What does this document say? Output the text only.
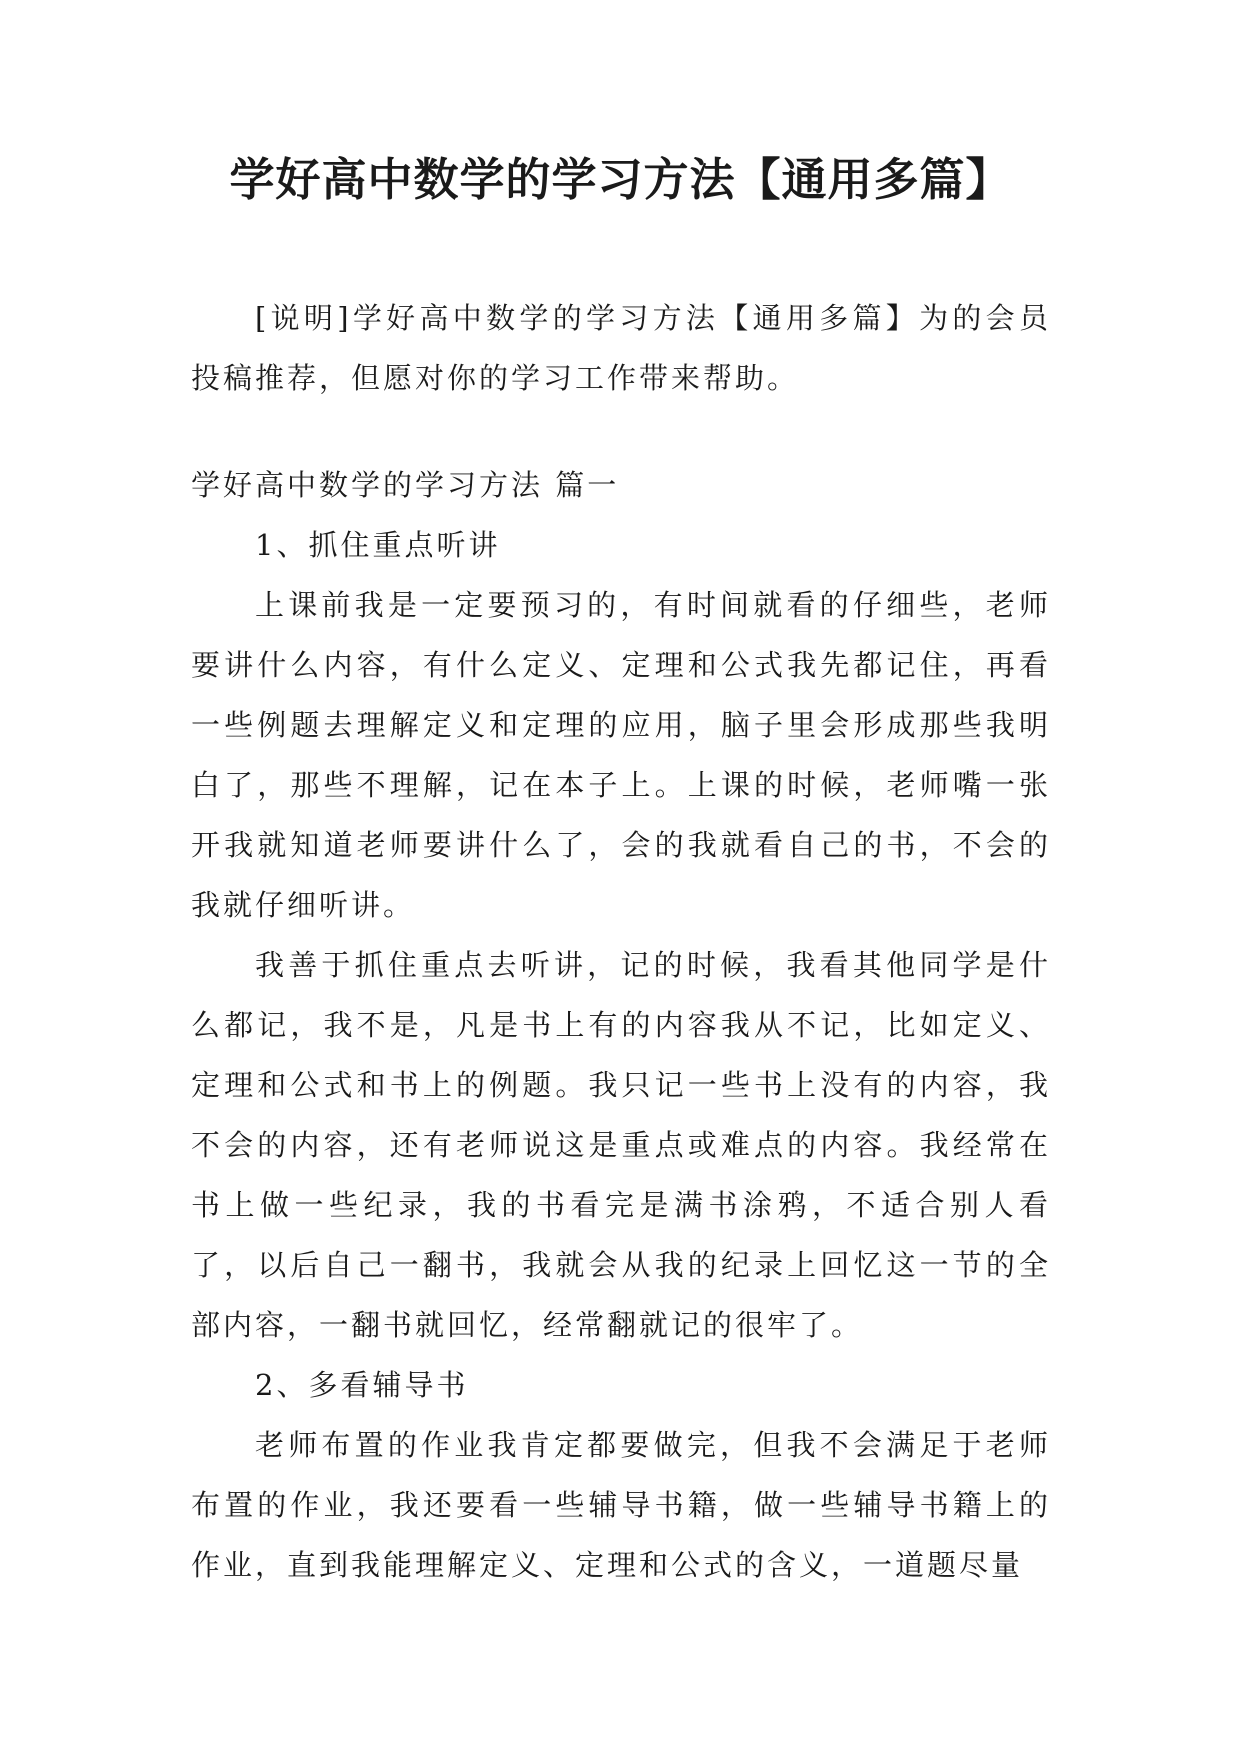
学好高中数学的学习方法【通用多篇】

[说明]学好高中数学的学习方法【通用多篇】为的会员投稿推荐，但愿对你的学习工作带来帮助。

学好高中数学的学习方法 篇一

1、抓住重点听讲

上课前我是一定要预习的，有时间就看的仔细些，老师要讲什么内容，有什么定义、定理和公式我先都记住，再看一些例题去理解定义和定理的应用，脑子里会形成那些我明白了，那些不理解，记在本子上。上课的时候，老师嘴一张开我就知道老师要讲什么了，会的我就看自己的书，不会的我就仔细听讲。

我善于抓住重点去听讲，记的时候，我看其他同学是什么都记，我不是，凡是书上有的内容我从不记，比如定义、定理和公式和书上的例题。我只记一些书上没有的内容，我不会的内容，还有老师说这是重点或难点的内容。我经常在书上做一些纪录，我的书看完是满书涂鸦，不适合别人看了，以后自己一翻书，我就会从我的纪录上回忆这一节的全部内容，一翻书就回忆，经常翻就记的很牢了。

2、多看辅导书

老师布置的作业我肯定都要做完，但我不会满足于老师布置的作业，我还要看一些辅导书籍，做一些辅导书籍上的作业，直到我能理解定义、定理和公式的含义，一道题尽量
